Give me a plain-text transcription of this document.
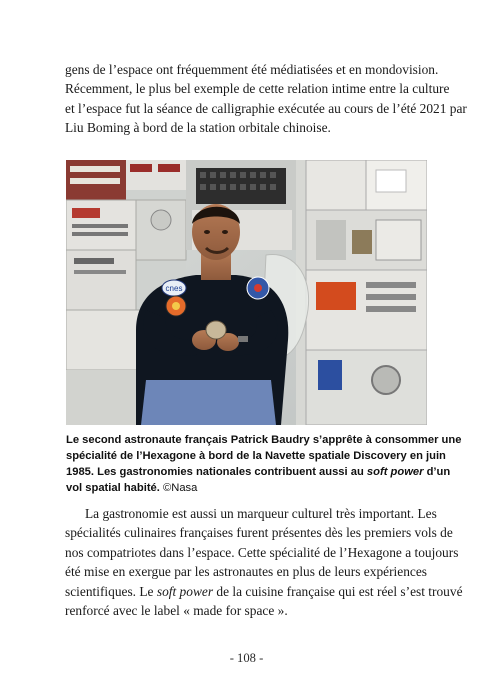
gens de l’espace ont fréquemment été médiatisées et en mondovision.
Récemment, le plus bel exemple de cette relation intime entre la culture
et l’espace fut la séance de calligraphie exécutée au cours de l’été 2021 par
Liu Boming à bord de la station orbitale chinoise.

cnes

Le second astronaute français Patrick Baudry s’apprête à consommer une
spécialité de l’Hexagone à bord de la Navette spatiale Discovery en juin
1985. Les gastronomies nationales contribuent aussi au soft power d’un
vol spatial habité. ©Nasa

La gastronomie est aussi un marqueur culturel très important. Les
spécialités culinaires françaises furent présentes dès les premiers vols de
nos compatriotes dans l’espace. Cette spécialité de l’Hexagone a toujours
été mise en exergue par les astronautes en plus de leurs expériences
scientifiques. Le soft power de la cuisine française qui est réel s’est trouvé
renforcé avec le label « made for space ».

- 108 -
